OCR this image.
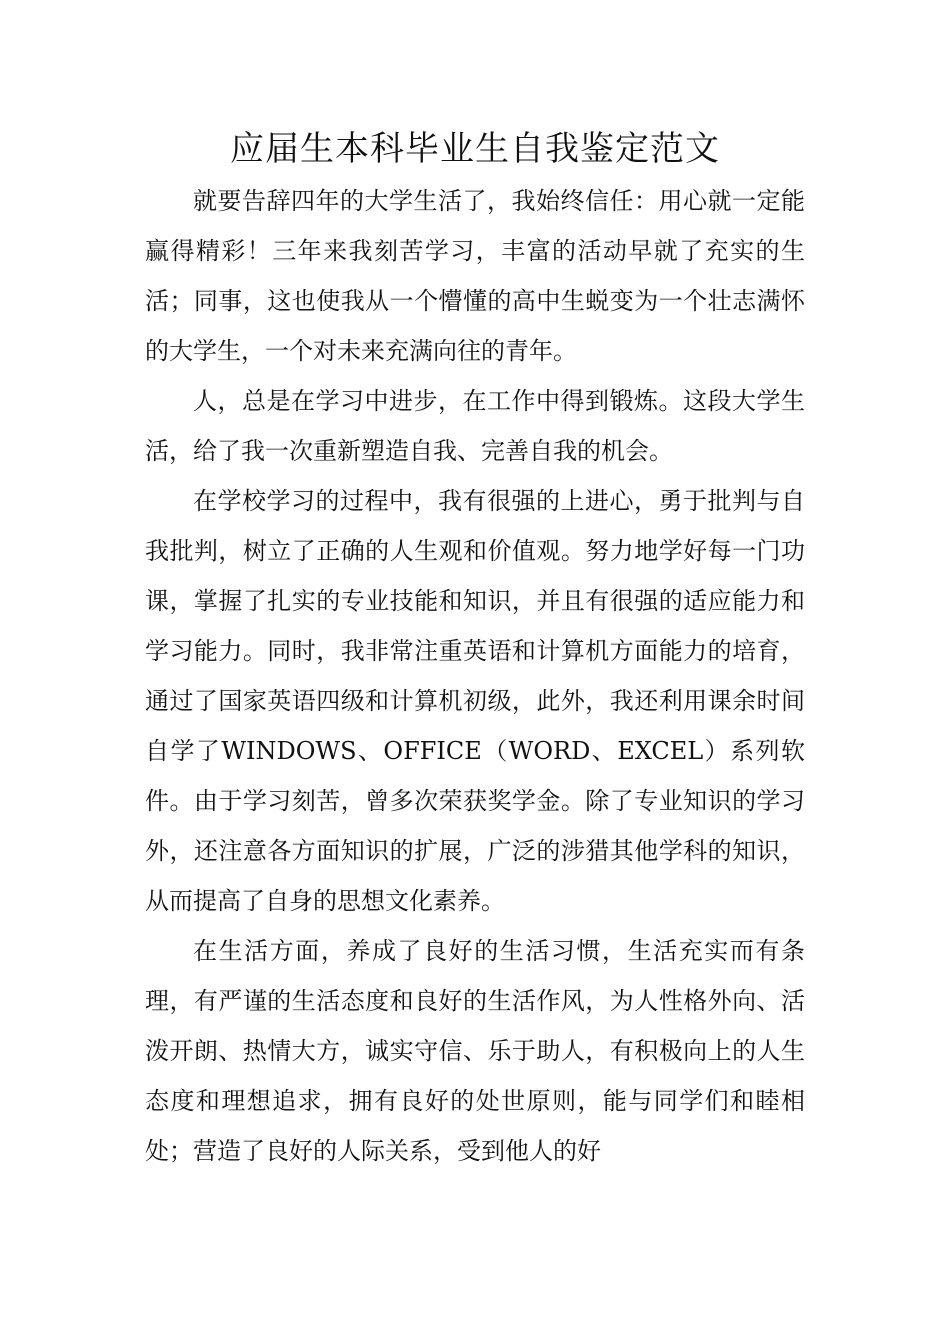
应届生本科毕业生自我鉴定范文

就要告辞四年的大学生活了，我始终信任：用心就一定能赢得精彩！三年来我刻苦学习，丰富的活动早就了充实的生活；同事，这也使我从一个懵懂的高中生蜕变为一个壮志满怀的大学生，一个对未来充满向往的青年。

人，总是在学习中进步，在工作中得到锻炼。这段大学生活，给了我一次重新塑造自我、完善自我的机会。

在学校学习的过程中，我有很强的上进心，勇于批判与自我批判，树立了正确的人生观和价值观。努力地学好每一门功课，掌握了扎实的专业技能和知识，并且有很强的适应能力和学习能力。同时，我非常注重英语和计算机方面能力的培育，通过了国家英语四级和计算机初级，此外，我还利用课余时间自学了WINDOWS、OFFICE（WORD、EXCEL）系列软件。由于学习刻苦，曾多次荣获奖学金。除了专业知识的学习外，还注意各方面知识的扩展，广泛的涉猎其他学科的知识，从而提高了自身的思想文化素养。

在生活方面，养成了良好的生活习惯，生活充实而有条理，有严谨的生活态度和良好的生活作风，为人性格外向、活泼开朗、热情大方，诚实守信、乐于助人，有积极向上的人生态度和理想追求，拥有良好的处世原则，能与同学们和睦相处；营造了良好的人际关系，受到他人的好
